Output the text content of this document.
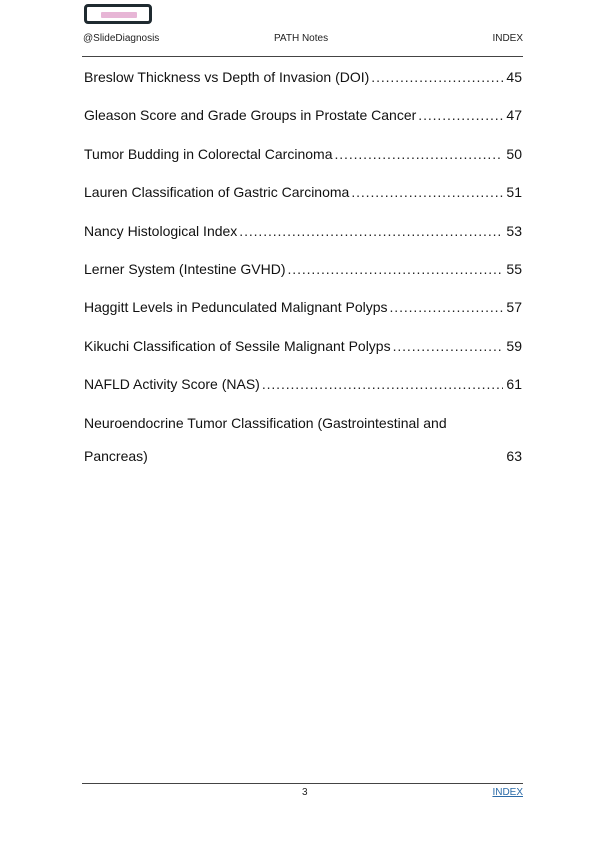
@SlideDiagnosis	PATH Notes	INDEX
Breslow Thickness vs Depth of Invasion (DOI) . . .	45
Gleason Score and Grade Groups in Prostate Cancer . . .	47
Tumor Budding in Colorectal Carcinoma . . .	50
Lauren Classification of Gastric Carcinoma . . .	51
Nancy Histological Index . . .	53
Lerner System (Intestine GVHD) . . .	55
Haggitt Levels in Pedunculated Malignant Polyps . . .	57
Kikuchi Classification of Sessile Malignant Polyps . . .	59
NAFLD Activity Score (NAS) . . .	61
Neuroendocrine Tumor Classification (Gastrointestinal and
Pancreas)	63
3	INDEX
